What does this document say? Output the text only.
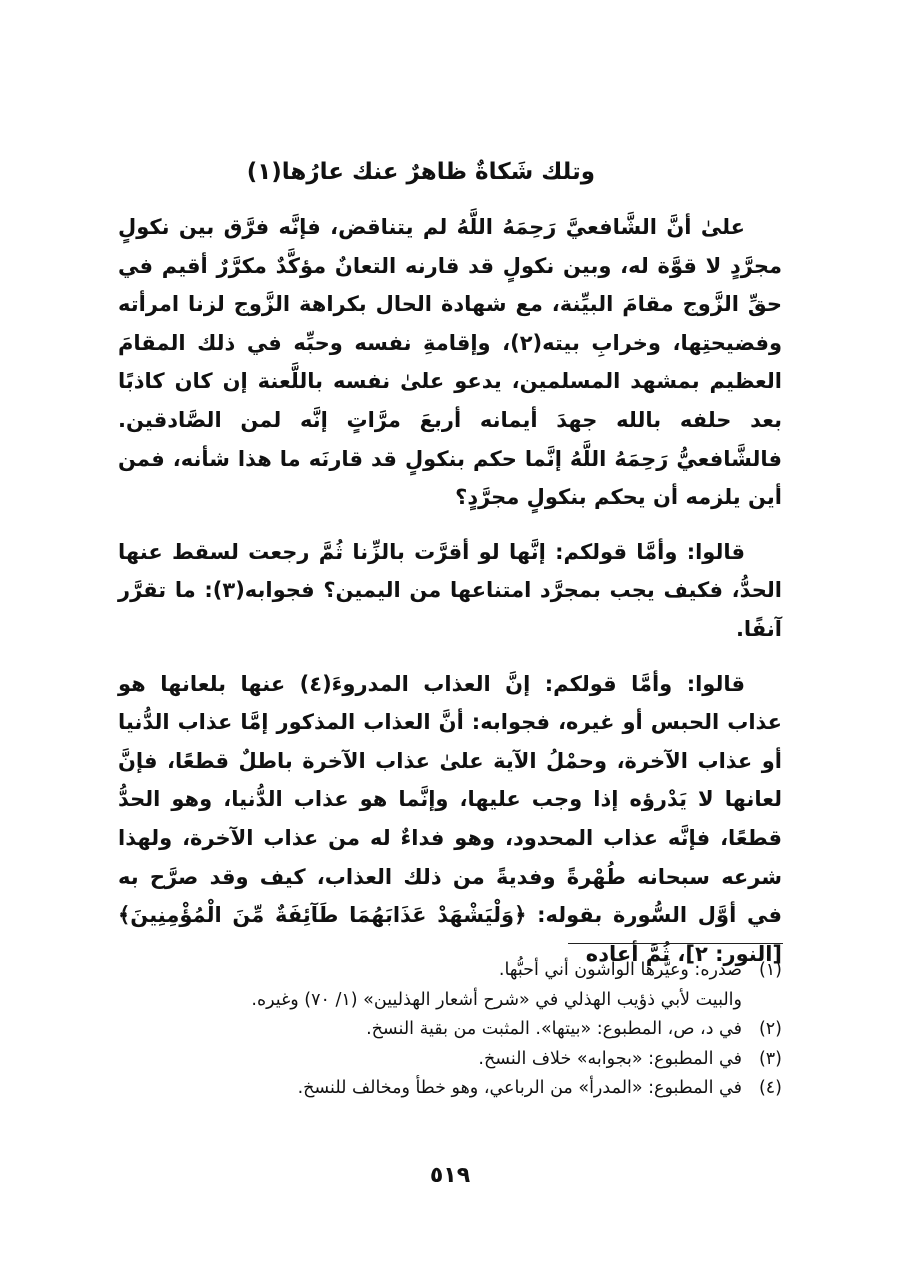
وتلك شَكاةٌ ظاهرٌ عنك عارُها(١)

علىٰ أنَّ الشَّافعيَّ رَحِمَهُ اللَّهُ لم يتناقض، فإنَّه فرَّق بين نكولٍ مجرَّدٍ لا قوَّة له، وبين نكولٍ قد قارنه التعانٌ مؤكَّدٌ مكرَّرٌ أقيم في حقِّ الزَّوج مقامَ البيِّنة، مع شهادة الحال بكراهة الزَّوج لزنا امرأته وفضيحتِها، وخرابِ بيته(٢)، وإقامةِ نفسه وحبِّه في ذلك المقامَ العظيم بمشهد المسلمين، يدعو علىٰ نفسه باللَّعنة إن كان كاذبًا بعد حلفه بالله جهدَ أيمانه أربعَ مرَّاتٍ إنَّه لمن الصَّادقين. فالشَّافعيُّ رَحِمَهُ اللَّهُ إنَّما حكم بنكولٍ قد قارنَه ما هذا شأنه، فمن أين يلزمه أن يحكم بنكولٍ مجرَّدٍ؟

قالوا: وأمَّا قولكم: إنَّها لو أقرَّت بالزِّنا ثُمَّ رجعت لسقط عنها الحدُّ، فكيف يجب بمجرَّد امتناعها من اليمين؟ فجوابه(٣): ما تقرَّر آنفًا.

قالوا: وأمَّا قولكم: إنَّ العذاب المدروءَ(٤) عنها بلعانها هو عذاب الحبس أو غيره، فجوابه: أنَّ العذاب المذكور إمَّا عذاب الدُّنيا أو عذاب الآخرة، وحمْلُ الآية علىٰ عذاب الآخرة باطلٌ قطعًا، فإنَّ لعانها لا يَدْرؤه إذا وجب عليها، وإنَّما هو عذاب الدُّنيا، وهو الحدُّ قطعًا، فإنَّه عذاب المحدود، وهو فداءٌ له من عذاب الآخرة، ولهذا شرعه سبحانه طُهْرةً وفديةً من ذلك العذاب، كيف وقد صرَّح به في أوَّل السُّورة بقوله: ﴿وَلْيَشْهَدْ عَذَابَهُمَا طَآئِفَةٌ مِّنَ الْمُؤْمِنِينَ﴾ [النور: ٢]، ثُمَّ أعاده

(١)
صدره: وعيَّرها الواشون أني أحبُّها.
والبيت لأبي ذؤيب الهذلي في «شرح أشعار الهذليين» (١/ ٧٠) وغيره.
(٢)
في د، ص، المطبوع: «بيتها». المثبت من بقية النسخ.
(٣)
في المطبوع: «بجوابه» خلاف النسخ.
(٤)
في المطبوع: «المدرأ» من الرباعي، وهو خطأ ومخالف للنسخ.
٥١٩
